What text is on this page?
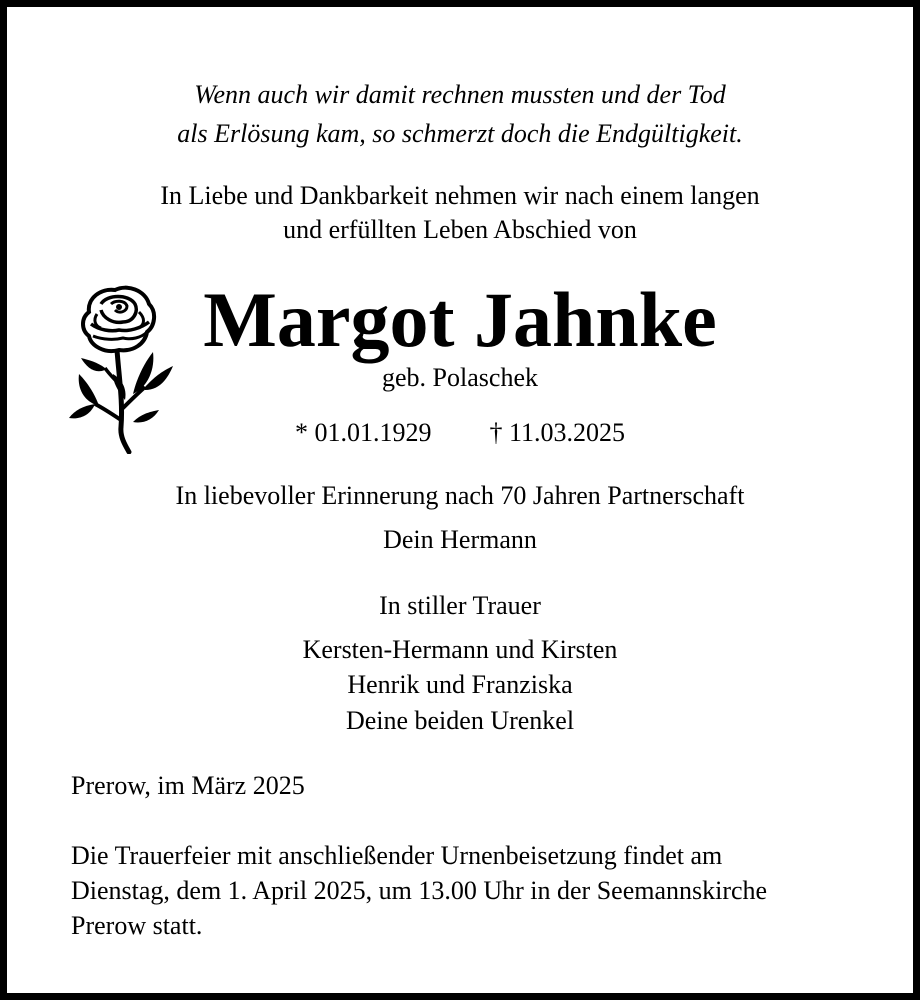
Wenn auch wir damit rechnen mussten und der Tod
als Erlösung kam, so schmerzt doch die Endgültigkeit.
In Liebe und Dankbarkeit nehmen wir nach einem langen
und erfüllten Leben Abschied von
Margot Jahnke
geb. Polaschek
* 01.01.1929 † 11.03.2025
In liebevoller Erinnerung nach 70 Jahren Partnerschaft
Dein Hermann
In stiller Trauer
Kersten-Hermann und Kirsten
Henrik und Franziska
Deine beiden Urenkel
Prerow, im März 2025
Die Trauerfeier mit anschließender Urnenbeisetzung findet am
Dienstag, dem 1. April 2025, um 13.00 Uhr in der Seemannskirche
Prerow statt.
